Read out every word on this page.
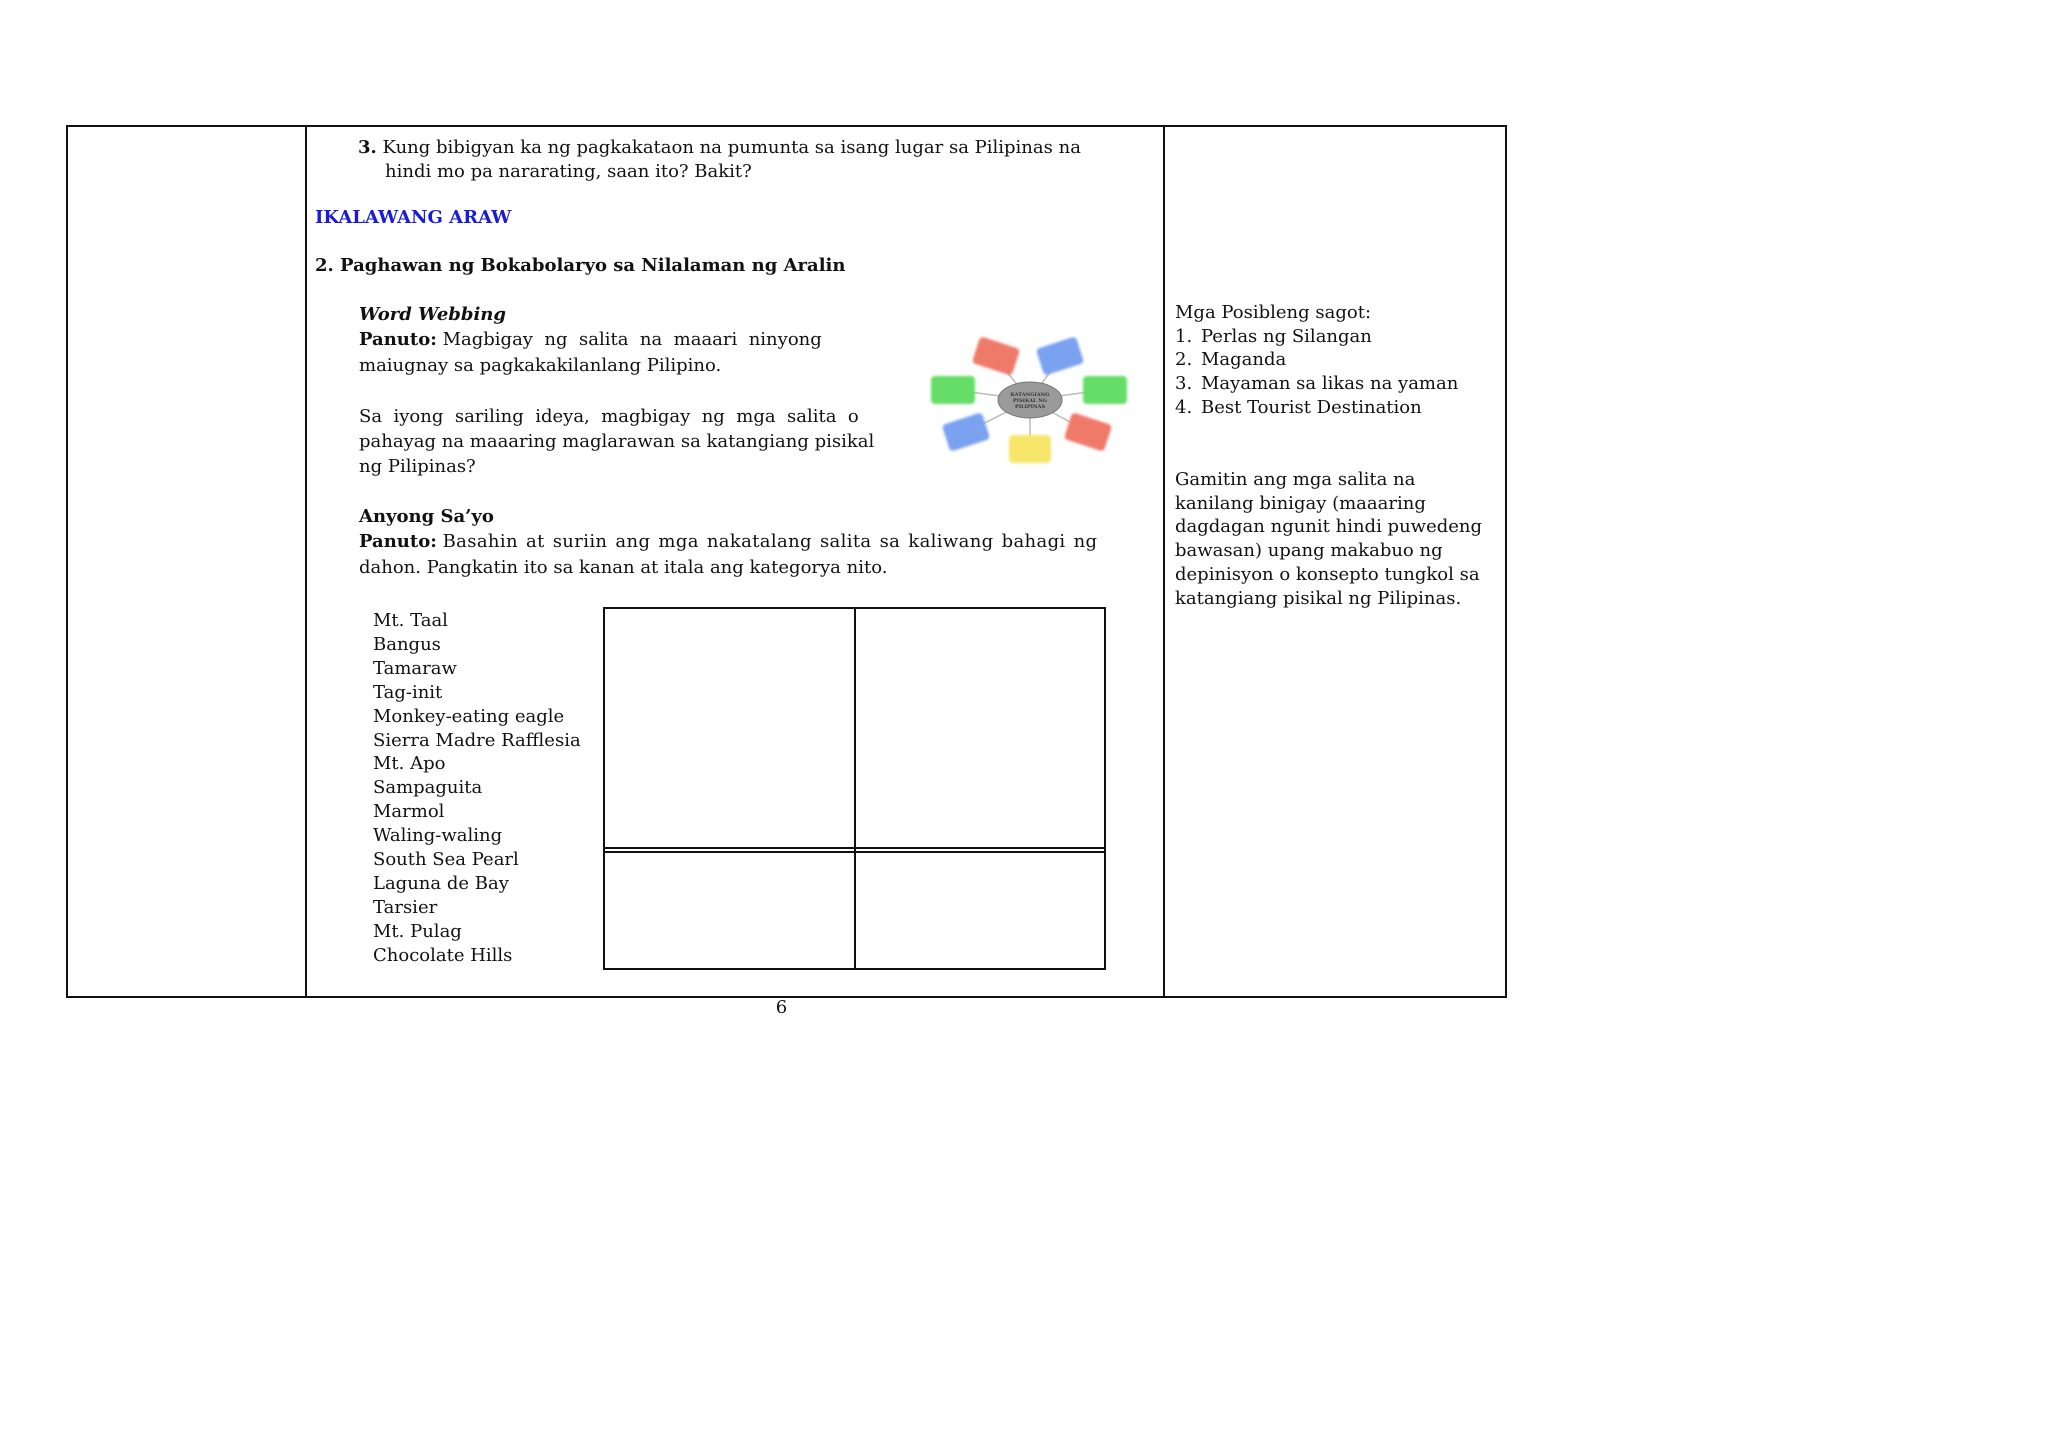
3. Kung bibigyan ka ng pagkakataon na pumunta sa isang lugar sa Pilipinas na
hindi mo pa nararating, saan ito? Bakit?
IKALAWANG ARAW
2. Paghawan ng Bokabolaryo sa Nilalaman ng Aralin
Word Webbing
Panuto: Magbigay  ng  salita  na  maaari  ninyong
maiugnay sa pagkakakilanlang Pilipino.
Sa  iyong  sariling  ideya,  magbigay  ng  mga  salita  o
pahayag na maaaring maglarawan sa katangiang pisikal
ng Pilipinas?
KATANGIANG
PISIKAL NG
PILIPINAS
Anyong Sa’yo
Panuto: Basahin at suriin ang mga nakatalang salita sa kaliwang bahagi ng
dahon. Pangkatin ito sa kanan at itala ang kategorya nito.
Mt. Taal
Bangus
Tamaraw
Tag-init
Monkey-eating eagle
Sierra Madre Rafflesia
Mt. Apo
Sampaguita
Marmol
Waling-waling
South Sea Pearl
Laguna de Bay
Tarsier
Mt. Pulag
Chocolate Hills
Mga Posibleng sagot:
1. Perlas ng Silangan
2. Maganda
3. Mayaman sa likas na yaman
4. Best Tourist Destination
Gamitin ang mga salita na
kanilang binigay (maaaring
dagdagan ngunit hindi puwedeng
bawasan) upang makabuo ng
depinisyon o konsepto tungkol sa
katangiang pisikal ng Pilipinas.
6
